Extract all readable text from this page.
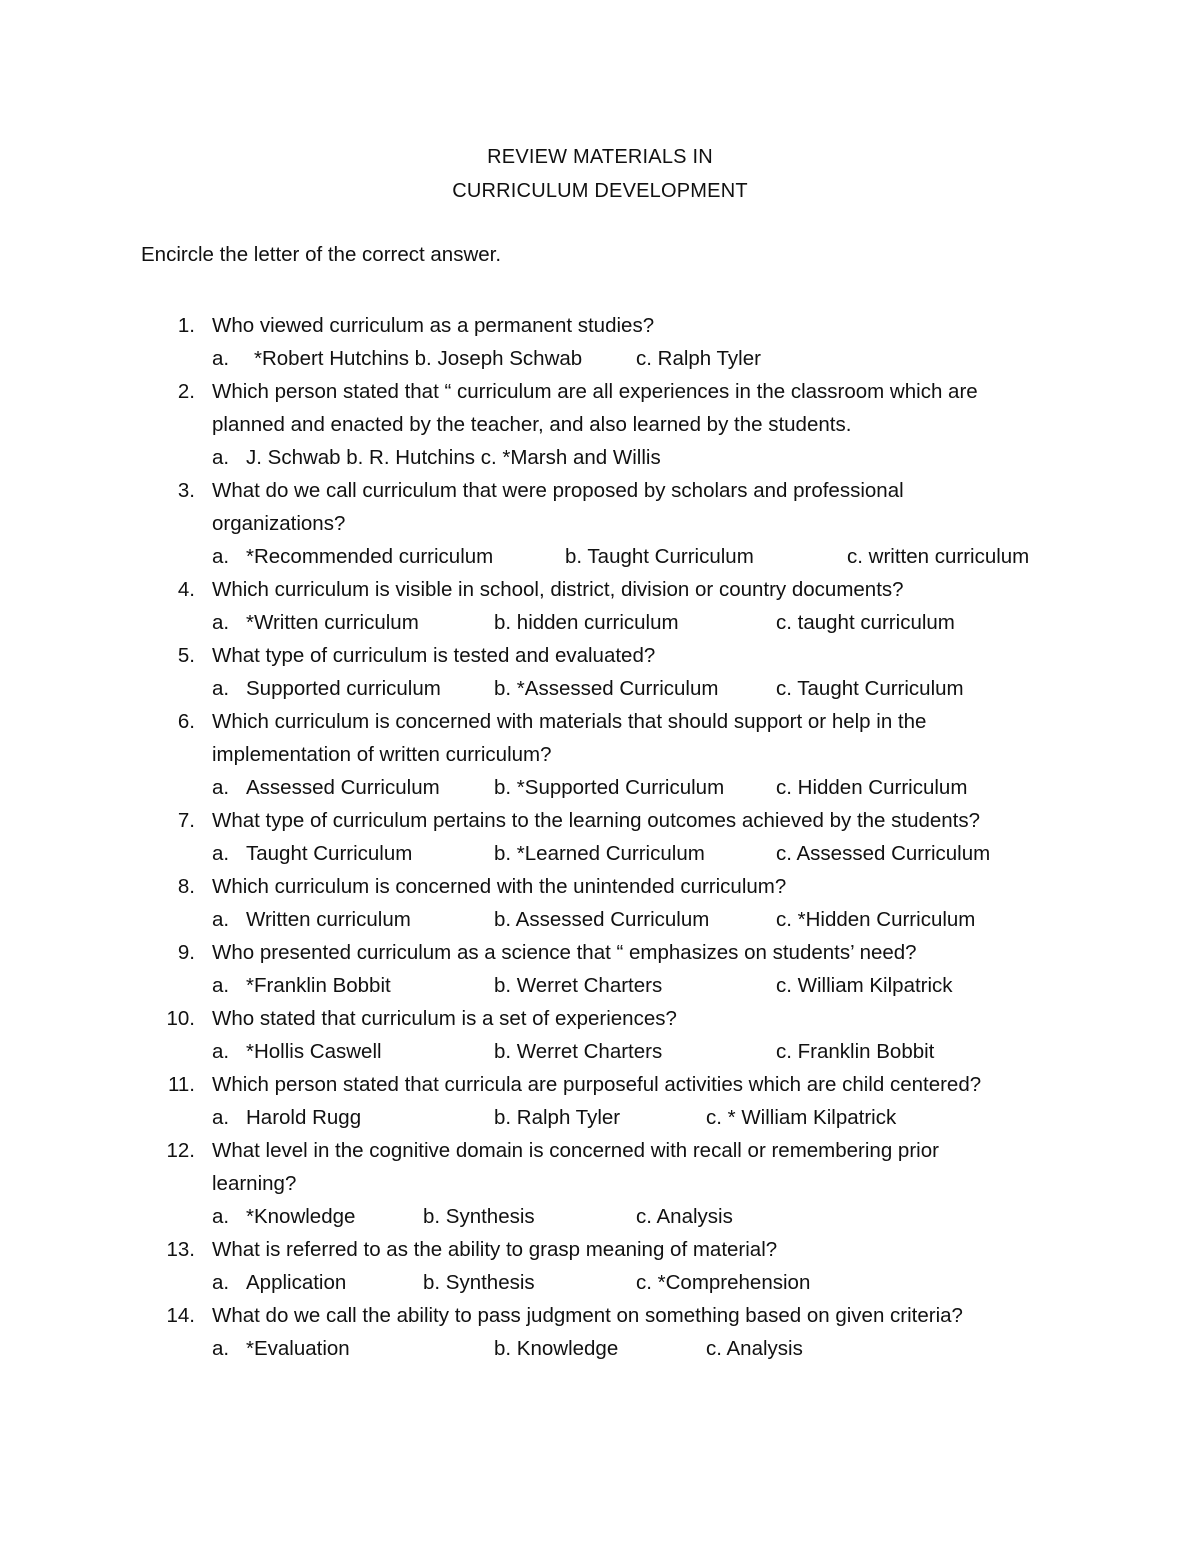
REVIEW MATERIALS IN
CURRICULUM DEVELOPMENT
Encircle the letter of the correct answer.
1. Who viewed curriculum as a permanent studies?
a. *Robert Hutchins b. Joseph Schwab	c. Ralph Tyler
2. Which person stated that “ curriculum are all experiences in the classroom which are
planned and enacted by the teacher, and also learned by the students.
a. J. Schwab b. R. Hutchins c. *Marsh and Willis
3. What do we call curriculum that were proposed by scholars and professional
organizations?
a. *Recommended curriculum	b. Taught Curriculum	c. written curriculum
4. Which curriculum is visible in school, district, division or country documents?
a. *Written curriculum	b. hidden curriculum	c. taught curriculum
5. What type of curriculum is tested and evaluated?
a. Supported curriculum	b. *Assessed Curriculum	c. Taught Curriculum
6. Which curriculum is concerned with materials that should support or help in the
implementation of written curriculum?
a. Assessed Curriculum	b. *Supported Curriculum	c. Hidden Curriculum
7. What type of curriculum pertains to the learning outcomes achieved by the students?
a. Taught Curriculum	b. *Learned Curriculum	c. Assessed Curriculum
8. Which curriculum is concerned with the unintended curriculum?
a. Written curriculum	b. Assessed Curriculum	c. *Hidden Curriculum
9. Who presented curriculum as a science that “ emphasizes on students’ need?
a. *Franklin Bobbit	b. Werret Charters	c. William Kilpatrick
10. Who stated that curriculum is a set of experiences?
a. *Hollis Caswell	b. Werret Charters	c. Franklin Bobbit
11. Which person stated that curricula are purposeful activities which are child centered?
a. Harold Rugg	b. Ralph Tyler	c. * William Kilpatrick
12. What level in the cognitive domain is concerned with recall or remembering prior
learning?
a. *Knowledge	b. Synthesis	c. Analysis
13. What is referred to as the ability to grasp meaning of material?
a. Application	b. Synthesis	c. *Comprehension
14. What do we call the ability to pass judgment on something based on given criteria?
a. *Evaluation	b. Knowledge	c. Analysis
